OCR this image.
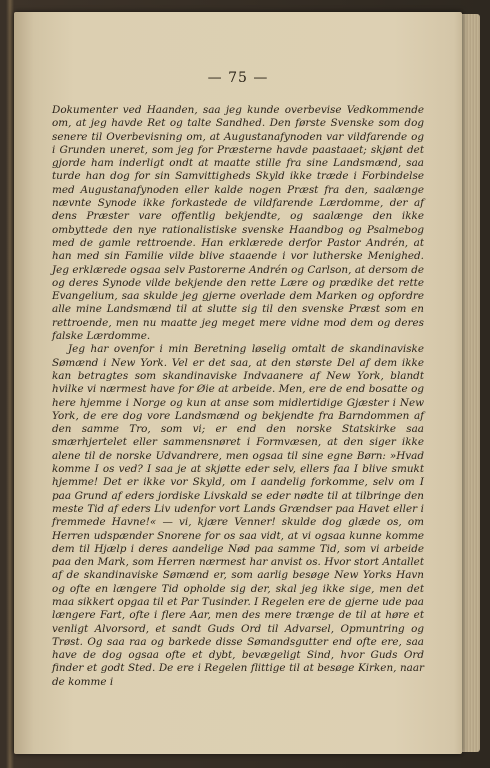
— 75 —

Dokumenter ved Haanden, saa jeg kunde overbevise Vedkommende om, at jeg havde Ret og talte Sandhed. Den første Svenske som dog senere til Overbevisning om, at Augustanafynoden var vildfarende og i Grunden uneret, som jeg for Præsterne havde paastaaet; skjønt det gjorde ham inderligt ondt at maatte stille fra sine Landsmænd, saa turde han dog for sin Samvittigheds Skyld ikke træde i Forbindelse med Augustanafynoden eller kalde nogen Præst fra den, saalænge nævnte Synode ikke forkastede de vildfarende Lærdomme, der af dens Præster vare offentlig bekjendte, og saalænge den ikke ombyttede den nye rationalistiske svenske Haandbog og Psalmebog med de gamle rettroende. Han erklærede derfor Pastor Andrén, at han med sin Familie vilde blive staaende i vor lutherske Menighed. Jeg erklærede ogsaa selv Pastorerne Andrén og Carlson, at dersom de og deres Synode vilde bekjende den rette Lære og prædike det rette Evangelium, saa skulde jeg gjerne overlade dem Marken og opfordre alle mine Landsmænd til at slutte sig til den svenske Præst som en rettroende, men nu maatte jeg meget mere vidne mod dem og deres falske Lærdomme.

Jeg har ovenfor i min Beretning løselig omtalt de skandinaviske Sømænd i New York. Vel er det saa, at den største Del af dem ikke kan betragtes som skandinaviske Indvaanere af New York, blandt hvilke vi nærmest have for Øie at arbeide. Men, ere de end bosatte og here hjemme i Norge og kun at anse som midlertidige Gjæster i New York, de ere dog vore Landsmænd og bekjendte fra Barndommen af den samme Tro, som vi; er end den norske Statskirke saa smærhjertelet eller sammensnøret i Formvæsen, at den siger ikke alene til de norske Udvandrere, men ogsaa til sine egne Børn: »Hvad komme I os ved? I saa je at skjøtte eder selv, ellers faa I blive smukt hjemme! Det er ikke vor Skyld, om I aandelig forkomme, selv om I paa Grund af eders jordiske Livskald se eder nødte til at tilbringe den meste Tid af eders Liv udenfor vort Lands Grændser paa Havet eller i fremmede Havne!« — vi, kjære Venner! skulde dog glæde os, om Herren udspænder Snorene for os saa vidt, at vi ogsaa kunne komme dem til Hjælp i deres aandelige Nød paa samme Tid, som vi arbeide paa den Mark, som Herren nærmest har anvist os. Hvor stort Antallet af de skandinaviske Sømænd er, som aarlig besøge New Yorks Havn og ofte en længere Tid opholde sig der, skal jeg ikke sige, men det maa sikkert opgaa til et Par Tusinder. I Regelen ere de gjerne ude paa længere Fart, ofte i flere Aar, men des mere trænge de til at høre et venligt Alvorsord, et sandt Guds Ord til Advarsel, Opmuntring og Trøst. Og saa raa og barkede disse Sømandsgutter end ofte ere, saa have de dog ogsaa ofte et dybt, bevægeligt Sind, hvor Guds Ord finder et godt Sted. De ere i Regelen flittige til at besøge Kirken, naar de komme i
